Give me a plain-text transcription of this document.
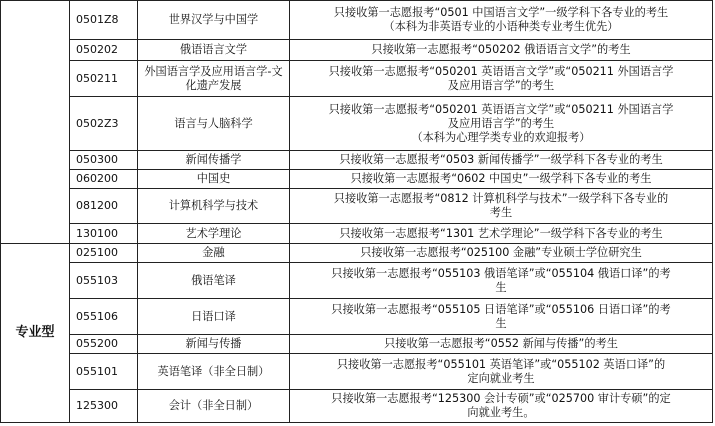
	0501Z8	世界汉学与中国学	只接收第一志愿报考“0501 中国语言文学”一级学科下各专业的考生
（本科为非英语专业的小语种类专业考生优先）

	050202	俄语语言文学	只接收第一志愿报考“050202 俄语语言文学”的考生

	050211	外国语言学及应用语言学-文化遗产发展	只接收第一志愿报考“050201 英语语言文学”或“050211 外国语言学
及应用语言学”的考生

	0502Z3	语言与人脑科学	只接收第一志愿报考“050201 英语语言文学”或“050211 外国语言学
及应用语言学”的考生
（本科为心理学类专业的欢迎报考）

	050300	新闻传播学	只接收第一志愿报考“0503 新闻传播学”一级学科下各专业的考生

	060200	中国史	只接收第一志愿报考“0602 中国史”一级学科下各专业的考生

	081200	计算机科学与技术	只接收第一志愿报考“0812 计算机科学与技术”一级学科下各专业的
考生

	130100	艺术学理论	只接收第一志愿报考“1301 艺术学理论”一级学科下各专业的考生

专业型	025100	金融	只接收第一志愿报考“025100 金融”专业硕士学位研究生

	055103	俄语笔译	只接收第一志愿报考“055103 俄语笔译”或“055104 俄语口译”的考
生

	055106	日语口译	只接收第一志愿报考“055105 日语笔译”或“055106 日语口译”的考
生

	055200	新闻与传播	只接收第一志愿报考“0552 新闻与传播”的考生

	055101	英语笔译（非全日制）	只接收第一志愿报考“055101 英语笔译”或“055102 英语口译”的
定向就业考生

	125300	会计（非全日制）	只接收第一志愿报考“125300 会计专硕”或“025700 审计专硕”的定
向就业考生。
